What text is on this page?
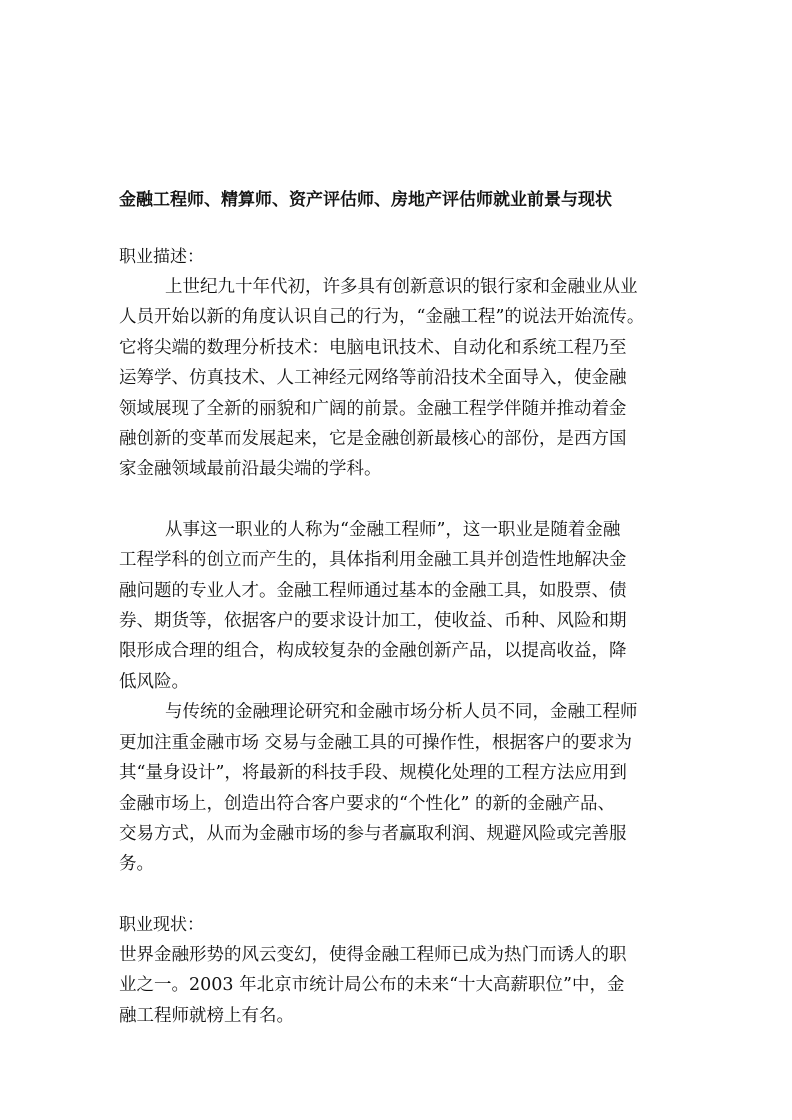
金融工程师、精算师、资产评估师、房地产评估师就业前景与现状
职业描述：
上世纪九十年代初，许多具有创新意识的银行家和金融业从业
人员开始以新的角度认识自己的行为，“金融工程”的说法开始流传。
它将尖端的数理分析技术：电脑电讯技术、自动化和系统工程乃至
运筹学、仿真技术、人工神经元网络等前沿技术全面导入，使金融
领域展现了全新的丽貌和广阔的前景。金融工程学伴随并推动着金
融创新的变革而发展起来，它是金融创新最核心的部份，是西方国
家金融领域最前沿最尖端的学科。
从事这一职业的人称为“金融工程师”，这一职业是随着金融
工程学科的创立而产生的，具体指利用金融工具并创造性地解决金
融问题的专业人才。金融工程师通过基本的金融工具，如股票、债
券、期货等，依据客户的要求设计加工，使收益、币种、风险和期
限形成合理的组合，构成较复杂的金融创新产品，以提高收益，降
低风险。
与传统的金融理论研究和金融市场分析人员不同，金融工程师
更加注重金融市场 交易与金融工具的可操作性，根据客户的要求为
其“量身设计”，将最新的科技手段、规模化处理的工程方法应用到
金融市场上，创造出符合客户要求的“个性化” 的新的金融产品、
交易方式，从而为金融市场的参与者赢取利润、规避风险或完善服
务。
职业现状：
世界金融形势的风云变幻，使得金融工程师已成为热门而诱人的职
业之一。2003 年北京市统计局公布的未来“十大高薪职位”中，金
融工程师就榜上有名。
